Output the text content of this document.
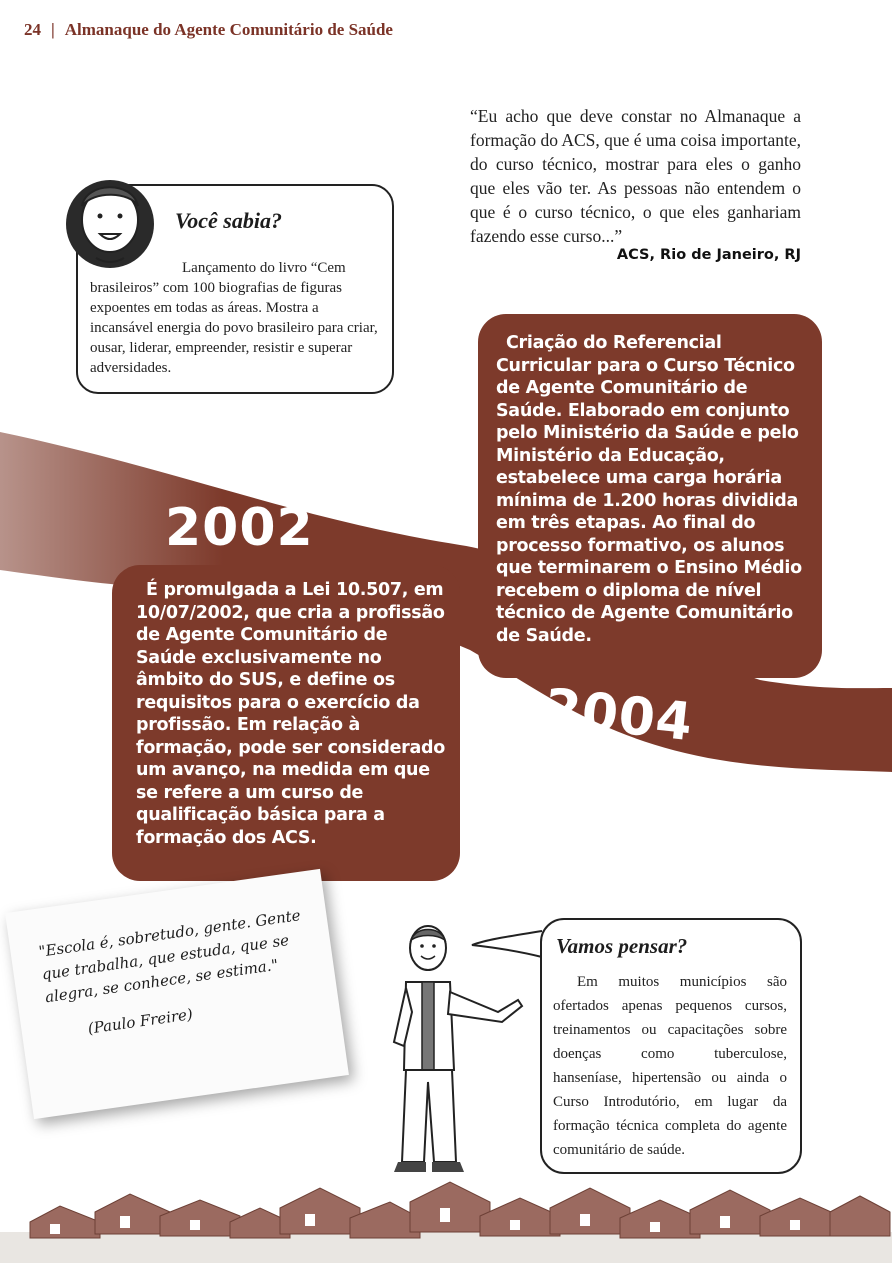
24 | Almanaque do Agente Comunitário de Saúde
“Eu acho que deve constar no Almanaque a formação do ACS, que é uma coisa importante, do curso técnico, mostrar para eles o ganho que eles vão ter. As pessoas não entendem o que é o curso técnico, o que eles ganhariam fazendo esse curso...”
ACS, Rio de Janeiro, RJ
Você sabia?
Lançamento do livro “Cem brasileiros” com 100 biografias de figuras expoentes em todas as áreas. Mostra a incansável energia do povo brasileiro para criar, ousar, liderar, empreender, resistir e superar adversidades.
Criação do Referencial Curricular para o Curso Técnico de Agente Comunitário de Saúde. Elaborado em conjunto pelo Ministério da Saúde e pelo Ministério da Educação, estabelece uma carga horária mínima de 1.200 horas dividida em três etapas. Ao final do processo formativo, os alunos que terminarem o Ensino Médio recebem o diploma de nível técnico de Agente Comunitário de Saúde.
2004
2002
É promulgada a Lei 10.507, em 10/07/2002, que cria a profissão de Agente Comunitário de Saúde exclusivamente no âmbito do SUS, e define os requisitos para o exercício da profissão. Em relação à formação, pode ser considerado um avanço, na medida em que se refere a um curso de qualificação básica para a formação dos ACS.
"Escola é, sobretudo, gente. Gente que trabalha, que estuda, que se alegra, se conhece, se estima."
(Paulo Freire)
Vamos pensar?
Em muitos municípios são ofertados apenas pequenos cursos, treinamentos ou capacitações sobre doenças como tuberculose, hanseníase, hipertensão ou ainda o Curso Introdutório, em lugar da formação técnica completa do agente comunitário de saúde.
